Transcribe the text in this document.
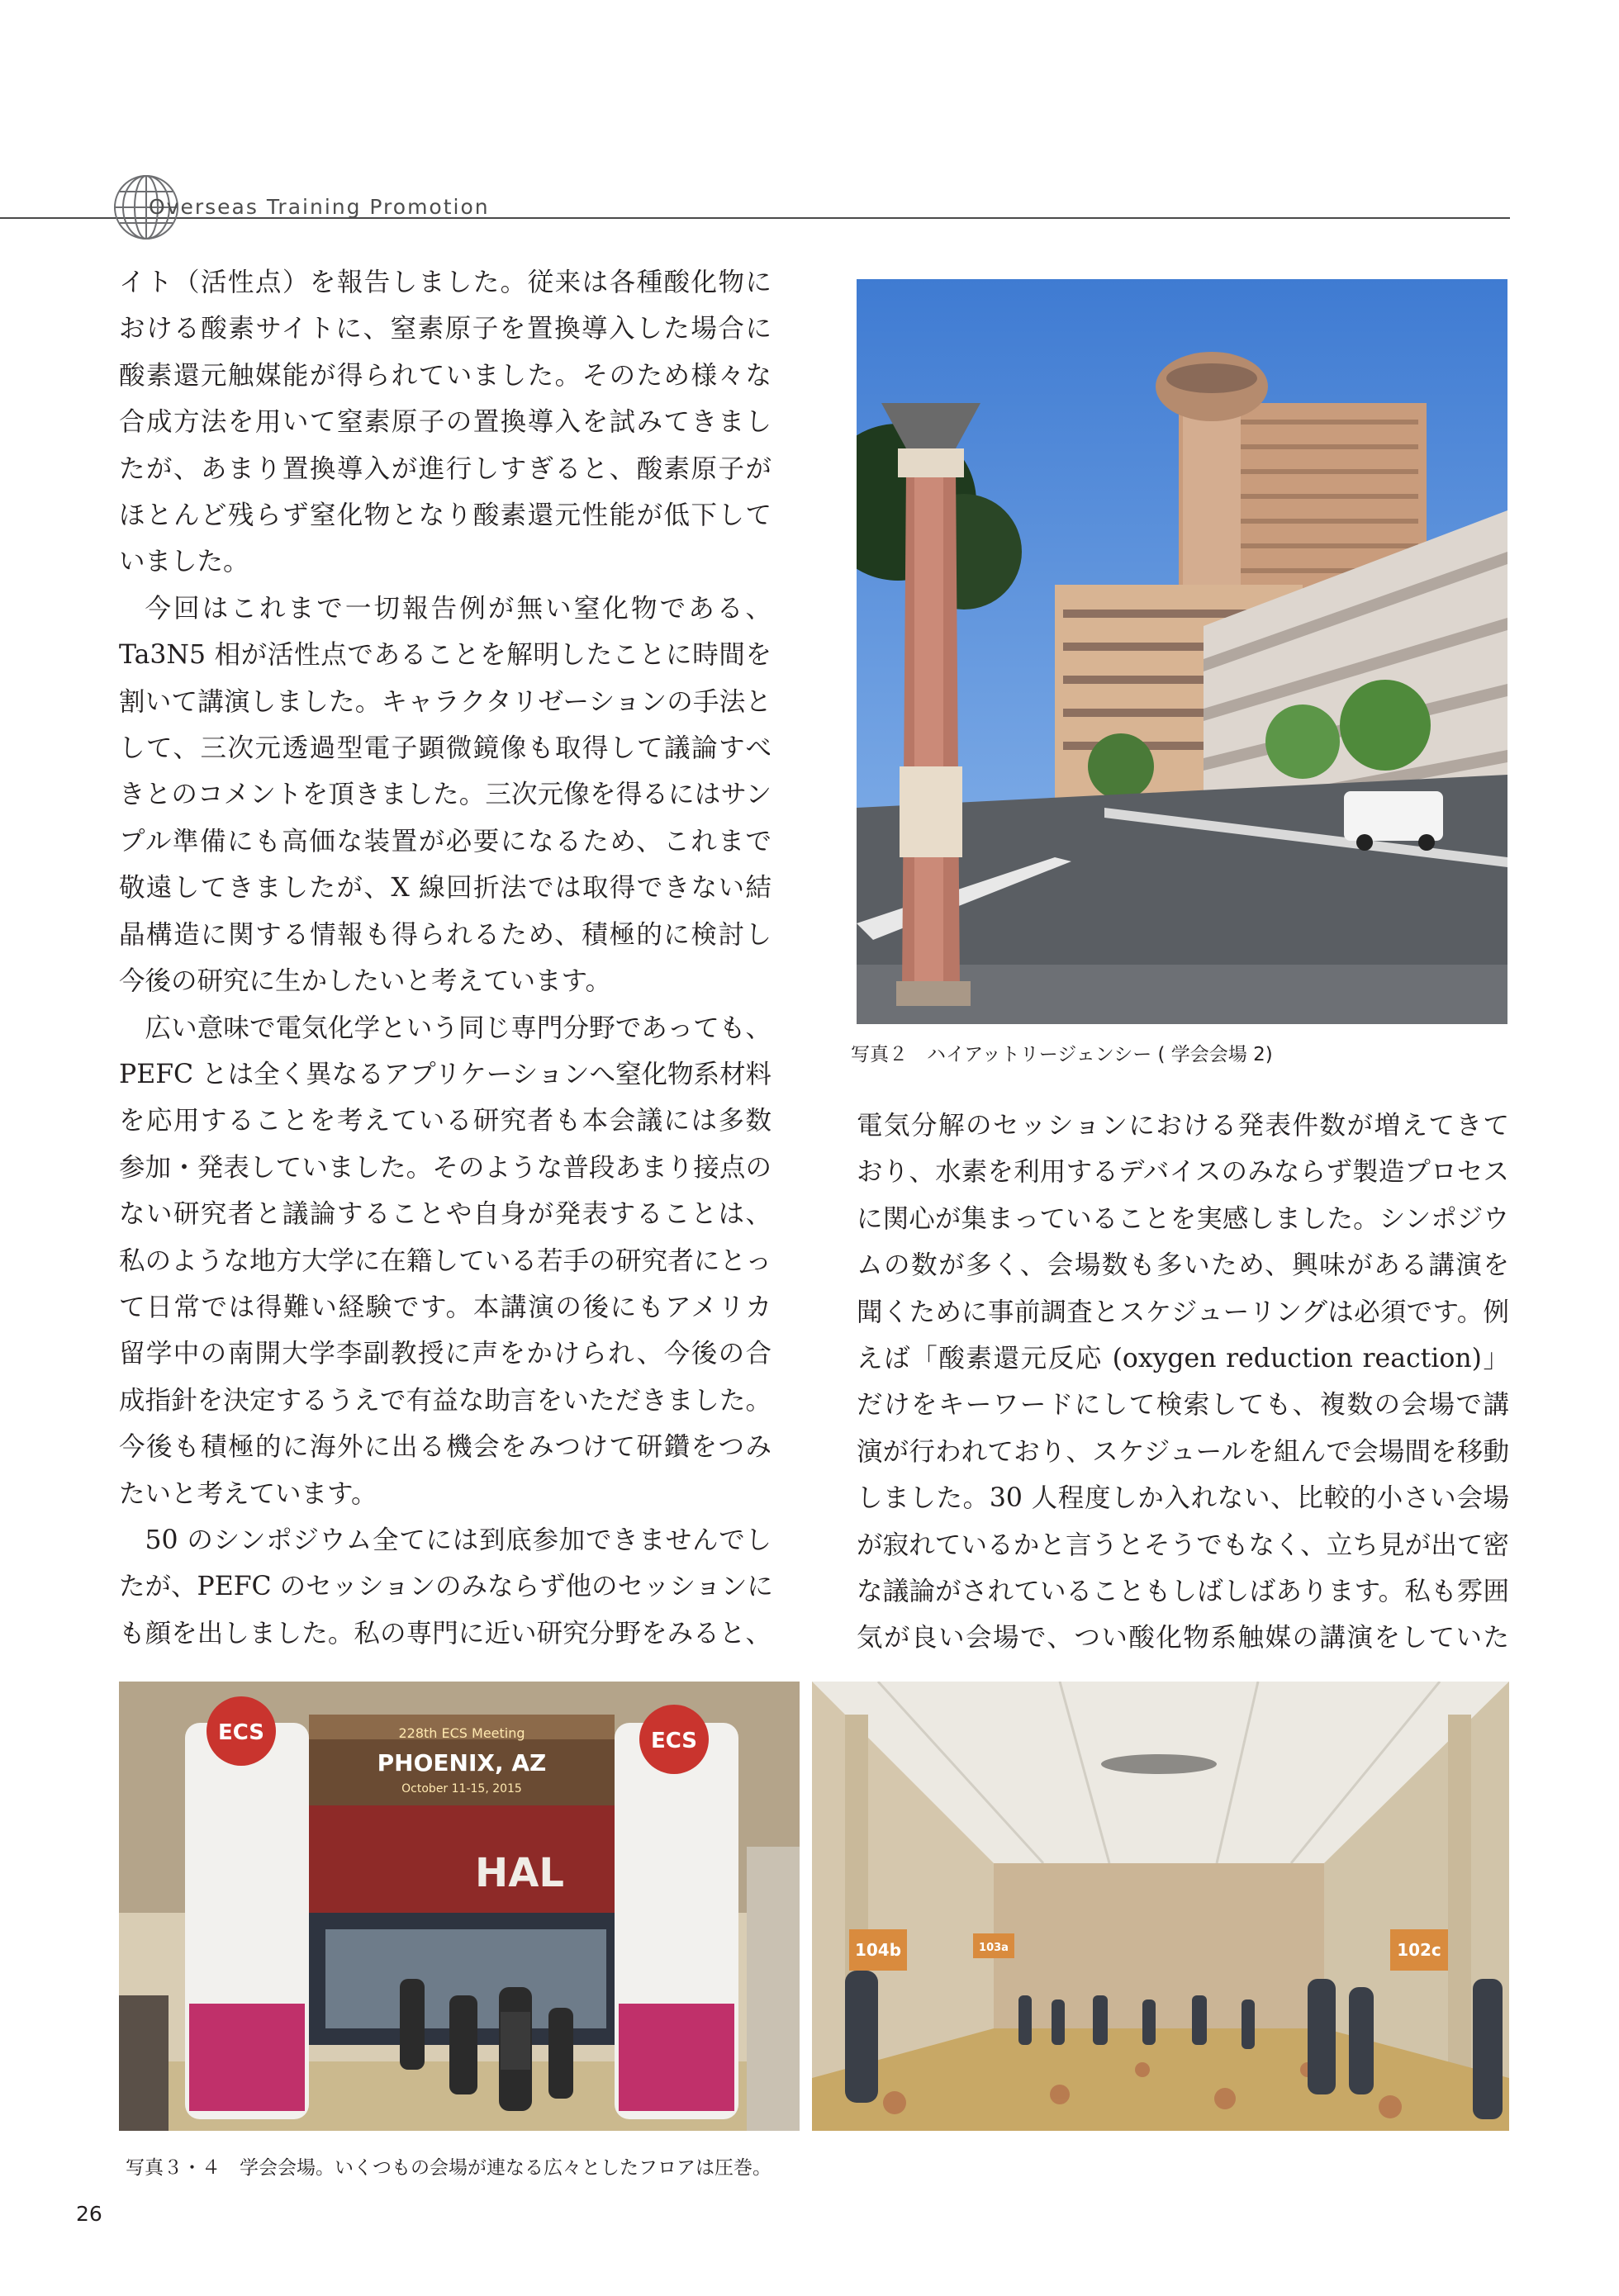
Overseas Training Promotion

イト（活性点）を報告しました。従来は各種酸化物に

おける酸素サイトに、窒素原子を置換導入した場合に

酸素還元触媒能が得られていました。そのため様々な

合成方法を用いて窒素原子の置換導入を試みてきまし

たが、あまり置換導入が進行しすぎると、酸素原子が

ほとんど残らず窒化物となり酸素還元性能が低下して

いました。

今回はこれまで一切報告例が無い窒化物である、

Ta3N5 相が活性点であることを解明したことに時間を

割いて講演しました。キャラクタリゼーションの手法と

して、三次元透過型電子顕微鏡像も取得して議論すべ

きとのコメントを頂きました。三次元像を得るにはサン

プル準備にも高価な装置が必要になるため、これまで

敬遠してきましたが、X 線回折法では取得できない結

晶構造に関する情報も得られるため、積極的に検討し

今後の研究に生かしたいと考えています。

広い意味で電気化学という同じ専門分野であっても、

PEFC とは全く異なるアプリケーションへ窒化物系材料

を応用することを考えている研究者も本会議には多数

参加・発表していました。そのような普段あまり接点の

ない研究者と議論することや自身が発表することは、

私のような地方大学に在籍している若手の研究者にとっ

て日常では得難い経験です。本講演の後にもアメリカ

留学中の南開大学李副教授に声をかけられ、今後の合

成指針を決定するうえで有益な助言をいただきました。

今後も積極的に海外に出る機会をみつけて研鑽をつみ

たいと考えています。

50 のシンポジウム全てには到底参加できませんでし

たが、PEFC のセッションのみならず他のセッションに

も顔を出しました。私の専門に近い研究分野をみると、

写真２　ハイアットリージェンシー ( 学会会場 2)

電気分解のセッションにおける発表件数が増えてきて

おり、水素を利用するデバイスのみならず製造プロセス

に関心が集まっていることを実感しました。シンポジウ

ムの数が多く、会場数も多いため、興味がある講演を

聞くために事前調査とスケジューリングは必須です。例

えば「酸素還元反応 (oxygen reduction reaction)」

だけをキーワードにして検索しても、複数の会場で講

演が行われており、スケジュールを組んで会場間を移動

しました。30 人程度しか入れない、比較的小さい会場

が寂れているかと言うとそうでもなく、立ち見が出て密

な議論がされていることもしばしばあります。私も雰囲

気が良い会場で、つい酸化物系触媒の講演をしていた

228th ECS Meeting
PHOENIX, AZ
October 11-15, 2015
HAL
ECS	ECS
104b	103a	102c
写真３・４　学会会場。いくつもの会場が連なる広々としたフロアは圧巻。
26
